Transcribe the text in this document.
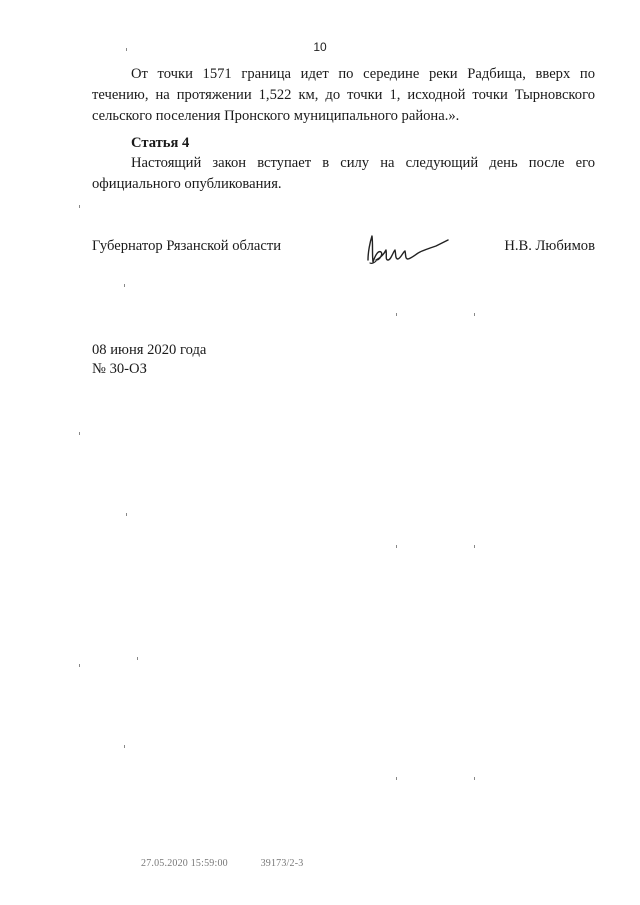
10

От точки 1571 граница идет по середине реки Радбища, вверх по течению, на протяжении 1,522 км, до точки 1, исходной точки Тырновского сельского поселения Пронского муниципального района.».

Статья 4

Настоящий закон вступает в силу на следующий день после его официального опубликования.

Губернатор Рязанской области	Н.В. Любимов
08 июня 2020 года
№ 30-ОЗ
27.05.2020 15:59:00	39173/2-3
